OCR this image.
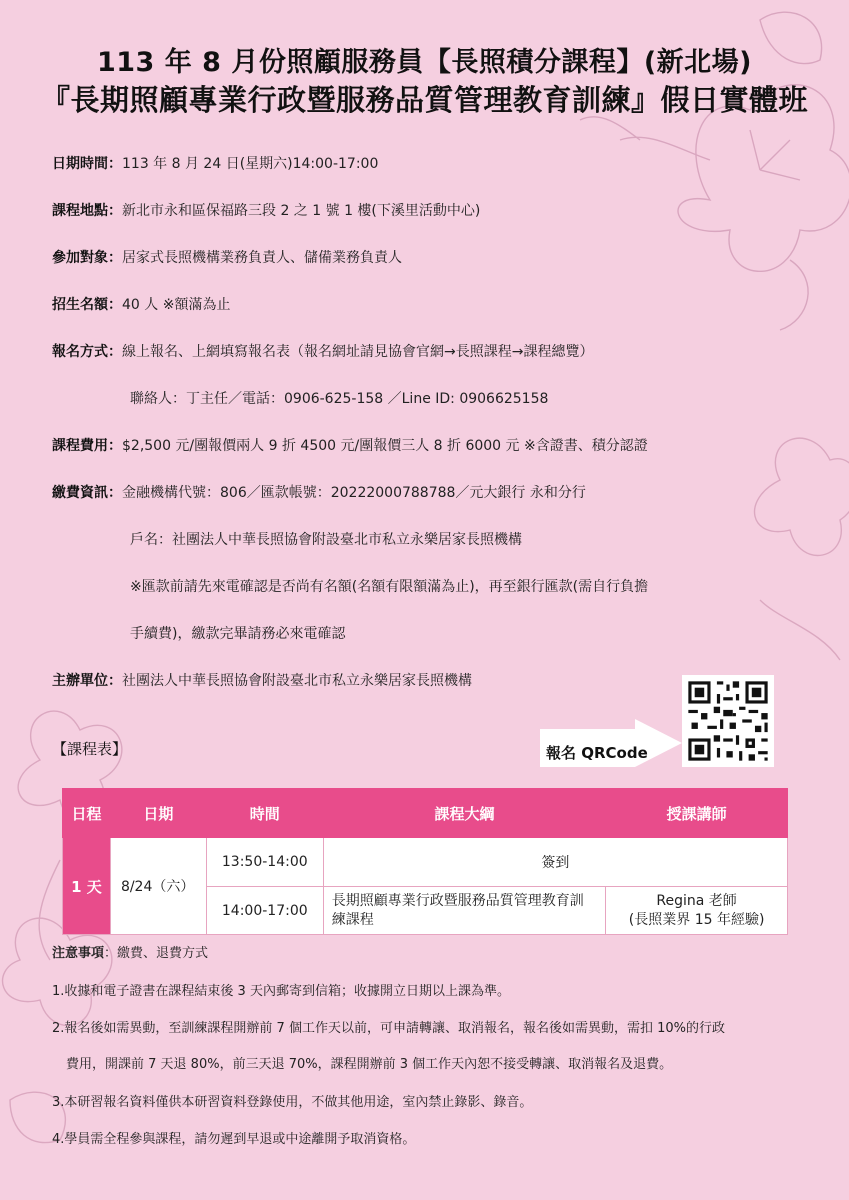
113 年 8 月份照顧服務員【長照積分課程】(新北場)
『長期照顧專業行政暨服務品質管理教育訓練』假日實體班
日期時間：113 年 8 月 24 日(星期六)14:00-17:00
課程地點：新北市永和區保福路三段 2 之 1 號 1 樓(下溪里活動中心)
參加對象：居家式長照機構業務負責人、儲備業務負責人
招生名額：40 人 ※額滿為止
報名方式：線上報名、上網填寫報名表（報名網址請見協會官網→長照課程→課程總覽）
聯絡人：丁主任／電話：0906-625-158 ／Line ID: 0906625158
課程費用：$2,500 元/團報價兩人 9 折 4500 元/團報價三人 8 折 6000 元 ※含證書、積分認證
繳費資訊：金融機構代號：806／匯款帳號：20222000788788／元大銀行 永和分行
戶名：社團法人中華長照協會附設臺北市私立永樂居家長照機構
※匯款前請先來電確認是否尚有名額(名額有限額滿為止)，再至銀行匯款(需自行負擔
手續費)，繳款完畢請務必來電確認
主辦單位：社團法人中華長照協會附設臺北市私立永樂居家長照機構
報名 QRCode
【課程表】
日程	日期	時間	課程大綱	授課講師
1 天	8/24（六）	13:50-14:00	簽到	
		14:00-17:00	長期照顧專業行政暨服務品質管理教育訓練課程	Regina 老師
(長照業界 15 年經驗)
注意事項：繳費、退費方式
1.收據和電子證書在課程結束後 3 天內郵寄到信箱；收據開立日期以上課為準。
2.報名後如需異動，至訓練課程開辦前 7 個工作天以前，可申請轉讓、取消報名，報名後如需異動，需扣 10%的行政
費用，開課前 7 天退 80%，前三天退 70%，課程開辦前 3 個工作天內恕不接受轉讓、取消報名及退費。
3.本研習報名資料僅供本研習資料登錄使用，不做其他用途，室內禁止錄影、錄音。
4.學員需全程參與課程，請勿遲到早退或中途離開予取消資格。
